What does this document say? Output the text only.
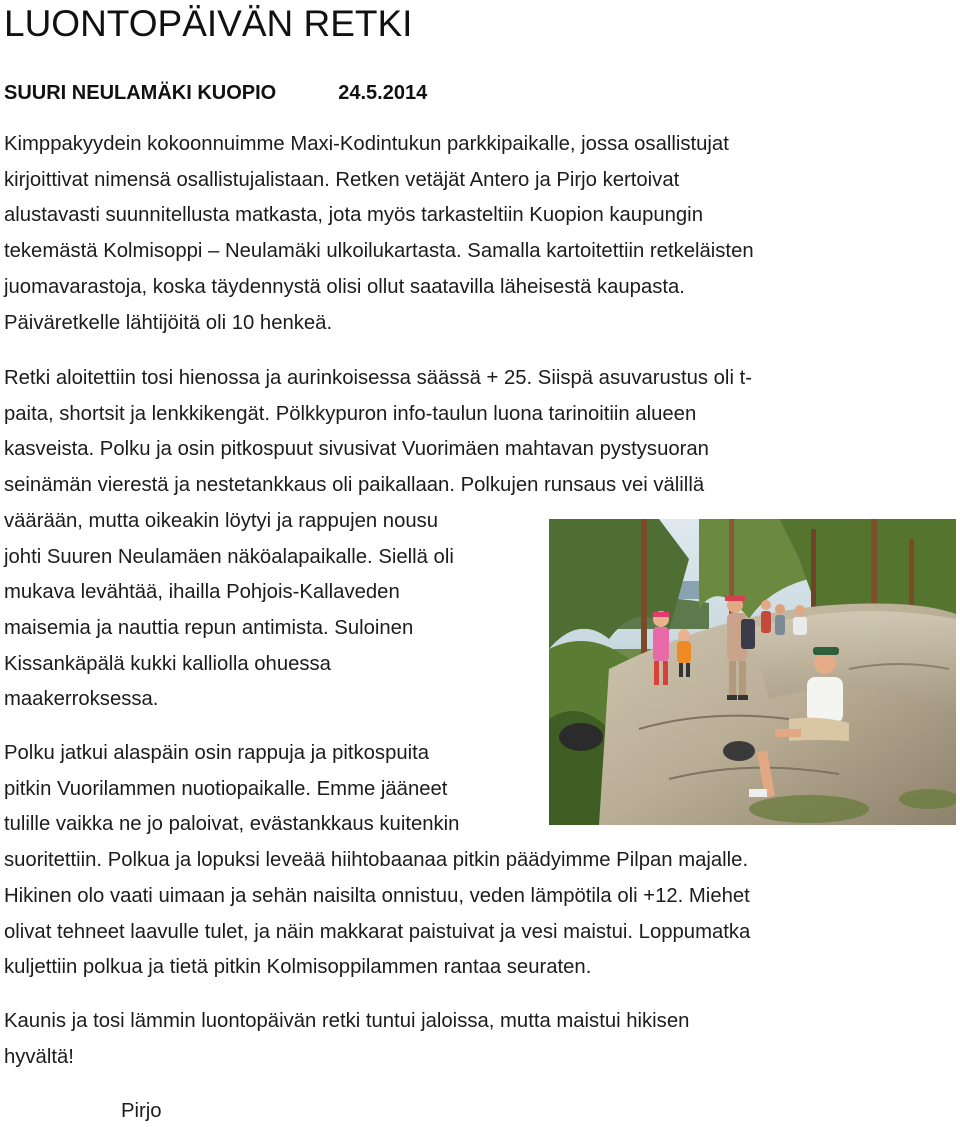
LUONTOPÄIVÄN RETKI
SUURI NEULAMÄKI KUOPIO	24.5.2014

Kimppakyydein kokoonnuimme Maxi-Kodintukun parkkipaikalle, jossa osallistujat
kirjoittivat nimensä osallistujalistaan. Retken vetäjät Antero ja Pirjo kertoivat
alustavasti suunnitellusta matkasta, jota myös tarkasteltiin Kuopion kaupungin
tekemästä Kolmisoppi – Neulamäki ulkoilukartasta. Samalla kartoitettiin retkeläisten
juomavarastoja, koska täydennystä olisi ollut saatavilla läheisestä kaupasta.
Päiväretkelle lähtijöitä oli 10 henkeä.

Retki aloitettiin tosi hienossa ja aurinkoisessa säässä + 25. Siispä asuvarustus oli t-
paita, shortsit ja lenkkikengät. Pölkkypuron info-taulun luona tarinoitiin alueen
kasveista. Polku ja osin pitkospuut sivusivat Vuorimäen mahtavan pystysuoran
seinämän vierestä ja nestetankkaus oli paikallaan. Polkujen runsaus vei välillä
väärään, mutta oikeakin löytyi ja rappujen nousu
johti Suuren Neulamäen näköalapaikalle. Siellä oli
mukava levähtää, ihailla Pohjois-Kallaveden
maisemia ja nauttia repun antimista. Suloinen
Kissankäpälä kukki kalliolla ohuessa
maakerroksessa.

Polku jatkui alaspäin osin rappuja ja pitkospuita
pitkin Vuorilammen nuotiopaikalle. Emme jääneet
tulille vaikka ne jo paloivat, evästankkaus kuitenkin
suoritettiin. Polkua ja lopuksi leveää hiihtobaanaa pitkin päädyimme Pilpan majalle.
Hikinen olo vaati uimaan ja sehän naisilta onnistuu, veden lämpötila oli +12. Miehet
olivat tehneet laavulle tulet, ja näin makkarat paistuivat ja vesi maistui. Loppumatka
kuljettiin polkua ja tietä pitkin Kolmisoppilammen rantaa seuraten.

Kaunis ja tosi lämmin luontopäivän retki tuntui jaloissa, mutta maistui hikisen
hyvältä!

Pirjo
